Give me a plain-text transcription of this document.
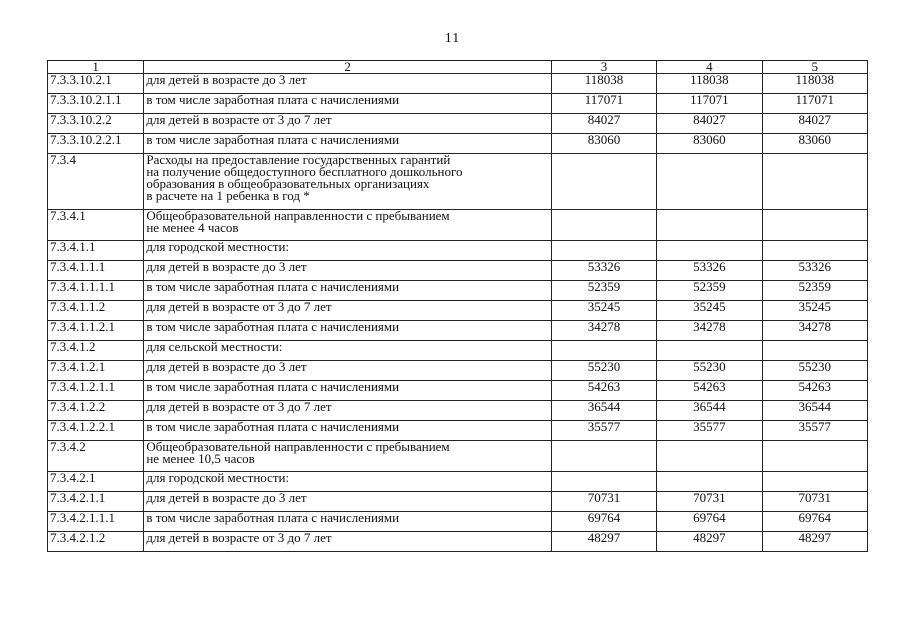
11
1	2	3	4	5
7.3.3.10.2.1	для детей в возрасте до 3 лет	118038	118038	118038
7.3.3.10.2.1.1	в том числе заработная плата с начислениями	117071	117071	117071
7.3.3.10.2.2	для детей в возрасте от 3 до 7 лет	84027	84027	84027
7.3.3.10.2.2.1	в том числе заработная плата с начислениями	83060	83060	83060
7.3.4	Расходы на предоставление государственных гарантий
на получение общедоступного бесплатного дошкольного
образования в общеобразовательных организациях
в расчете на 1 ребенка в год *			
7.3.4.1	Общеобразовательной направленности с пребыванием
не менее 4 часов			
7.3.4.1.1	для городской местности:			
7.3.4.1.1.1	для детей в возрасте до 3 лет	53326	53326	53326
7.3.4.1.1.1.1	в том числе заработная плата с начислениями	52359	52359	52359
7.3.4.1.1.2	для детей в возрасте от 3 до 7 лет	35245	35245	35245
7.3.4.1.1.2.1	в том числе заработная плата с начислениями	34278	34278	34278
7.3.4.1.2	для сельской местности:			
7.3.4.1.2.1	для детей в возрасте до 3 лет	55230	55230	55230
7.3.4.1.2.1.1	в том числе заработная плата с начислениями	54263	54263	54263
7.3.4.1.2.2	для детей в возрасте от 3 до 7 лет	36544	36544	36544
7.3.4.1.2.2.1	в том числе заработная плата с начислениями	35577	35577	35577
7.3.4.2	Общеобразовательной направленности с пребыванием
не менее 10,5 часов			
7.3.4.2.1	для городской местности:			
7.3.4.2.1.1	для детей в возрасте до 3 лет	70731	70731	70731
7.3.4.2.1.1.1	в том числе заработная плата с начислениями	69764	69764	69764
7.3.4.2.1.2	для детей в возрасте от 3 до 7 лет	48297	48297	48297
